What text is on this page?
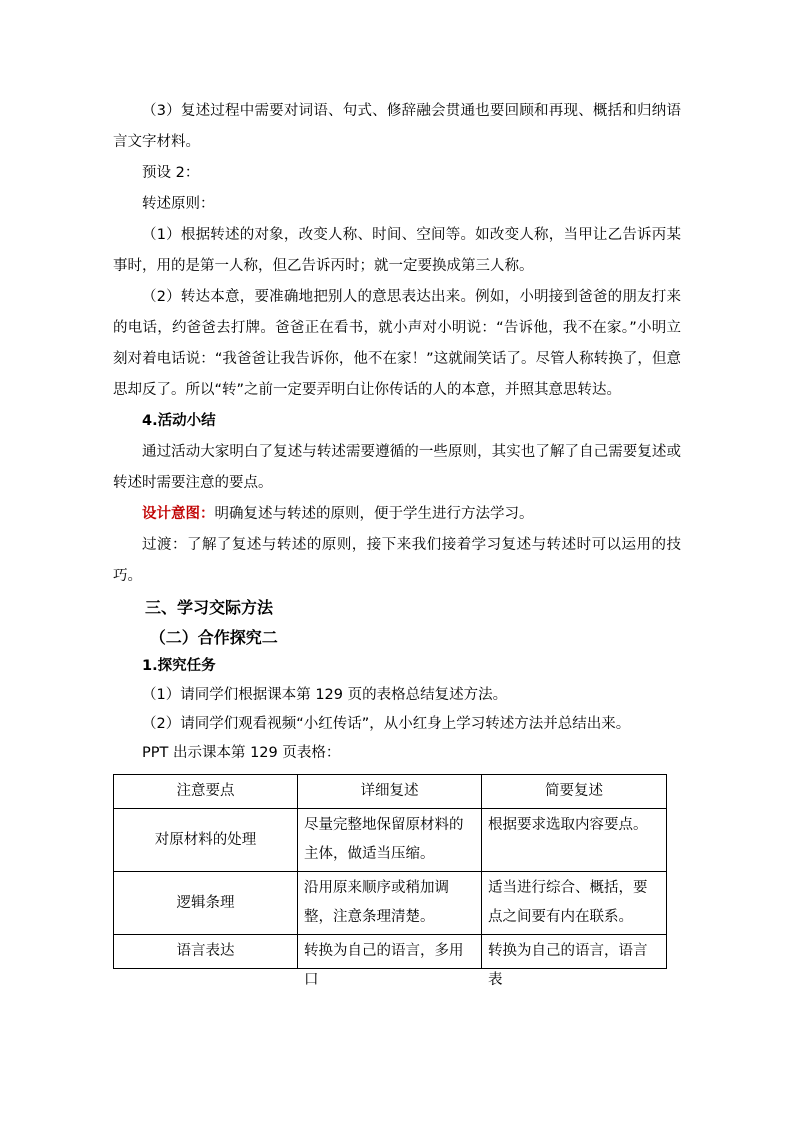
（3）复述过程中需要对词语、句式、修辞融会贯通也要回顾和再现、概括和归纳语言文字材料。

预设 2：

转述原则：

（1）根据转述的对象，改变人称、时间、空间等。如改变人称，当甲让乙告诉丙某事时，用的是第一人称，但乙告诉丙时；就一定要换成第三人称。

（2）转达本意，要准确地把别人的意思表达出来。例如，小明接到爸爸的朋友打来的电话，约爸爸去打牌。爸爸正在看书，就小声对小明说：“告诉他，我不在家。”小明立刻对着电话说：“我爸爸让我告诉你，他不在家！”这就闹笑话了。尽管人称转换了，但意思却反了。所以“转”之前一定要弄明白让你传话的人的本意，并照其意思转达。

4.活动小结

通过活动大家明白了复述与转述需要遵循的一些原则，其实也了解了自己需要复述或转述时需要注意的要点。

设计意图：明确复述与转述的原则，便于学生进行方法学习。

过渡：了解了复述与转述的原则，接下来我们接着学习复述与转述时可以运用的技巧。

三、学习交际方法

（二）合作探究二

1.探究任务

（1）请同学们根据课本第 129 页的表格总结复述方法。

（2）请同学们观看视频“小红传话”，从小红身上学习转述方法并总结出来。

PPT 出示课本第 129 页表格：

注意要点	详细复述	简要复述
对原材料的处理	尽量完整地保留原材料的主体，做适当压缩。	根据要求选取内容要点。
逻辑条理	沿用原来顺序或稍加调整，注意条理清楚。	适当进行综合、概括，要点之间要有内在联系。

语言表达	转换为自己的语言，多用口	转换为自己的语言，语言表
